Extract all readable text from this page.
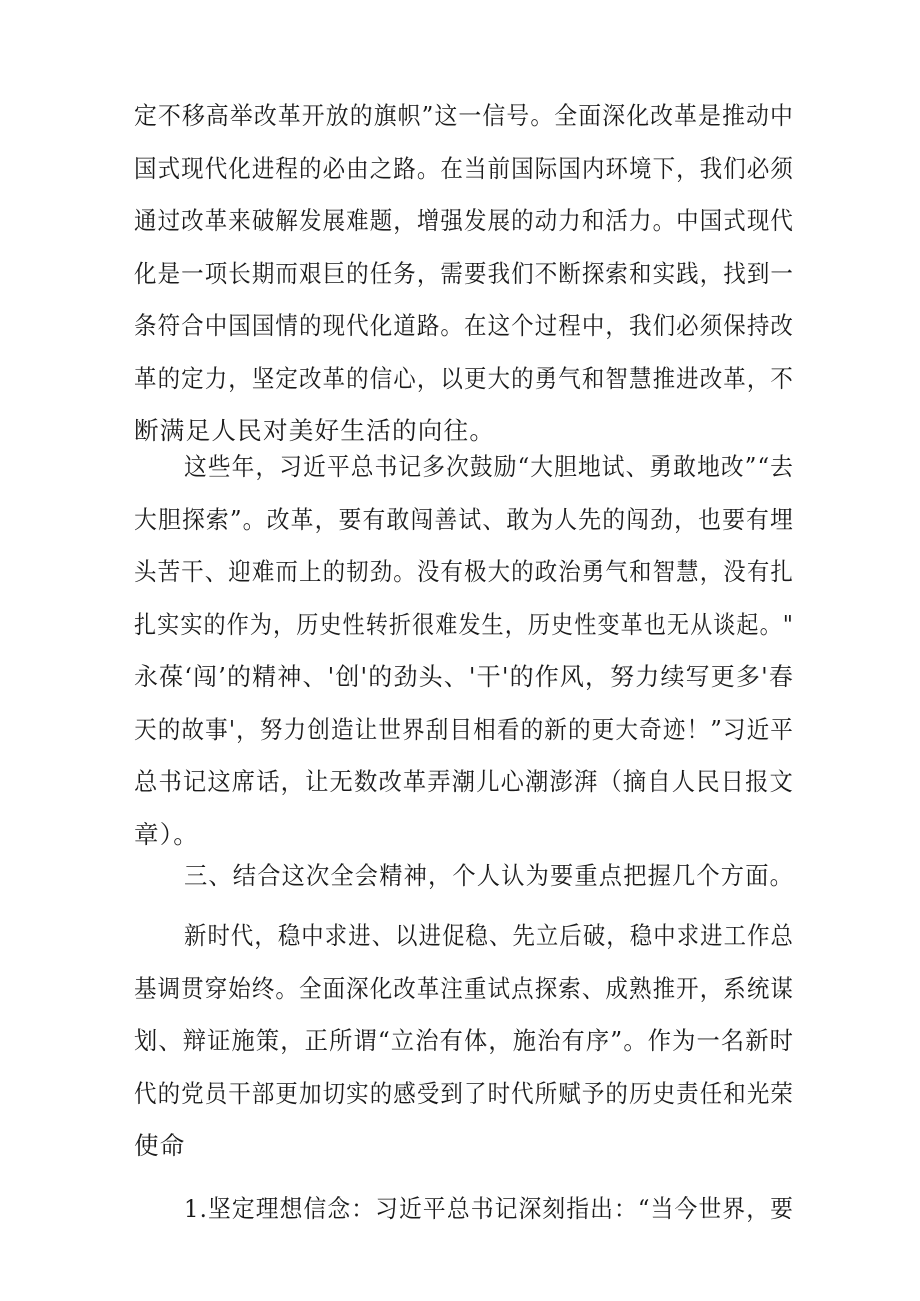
定不移高举改革开放的旗帜”这一信号。全面深化改革是推动中
国式现代化进程的必由之路。在当前国际国内环境下，我们必须
通过改革来破解发展难题，增强发展的动力和活力。中国式现代
化是一项长期而艰巨的任务，需要我们不断探索和实践，找到一
条符合中国国情的现代化道路。在这个过程中，我们必须保持改
革的定力，坚定改革的信心，以更大的勇气和智慧推进改革，不
断满足人民对美好生活的向往。
这些年，习近平总书记多次鼓励“大胆地试、勇敢地改”“去
大胆探索”。改革，要有敢闯善试、敢为人先的闯劲，也要有埋
头苦干、迎难而上的韧劲。没有极大的政治勇气和智慧，没有扎
扎实实的作为，历史性转折很难发生，历史性变革也无从谈起。"
永葆‘闯’的精神、'创'的劲头、'干'的作风，努力续写更多'春
天的故事'，努力创造让世界刮目相看的新的更大奇迹！”习近平
总书记这席话，让无数改革弄潮儿心潮澎湃（摘自人民日报文
章）。
三、结合这次全会精神，个人认为要重点把握几个方面。
新时代，稳中求进、以进促稳、先立后破，稳中求进工作总
基调贯穿始终。全面深化改革注重试点探索、成熟推开，系统谋
划、辩证施策，正所谓“立治有体，施治有序”。作为一名新时
代的党员干部更加切实的感受到了时代所赋予的历史责任和光荣
使命
1.坚定理想信念：习近平总书记深刻指出：“当今世界，要
